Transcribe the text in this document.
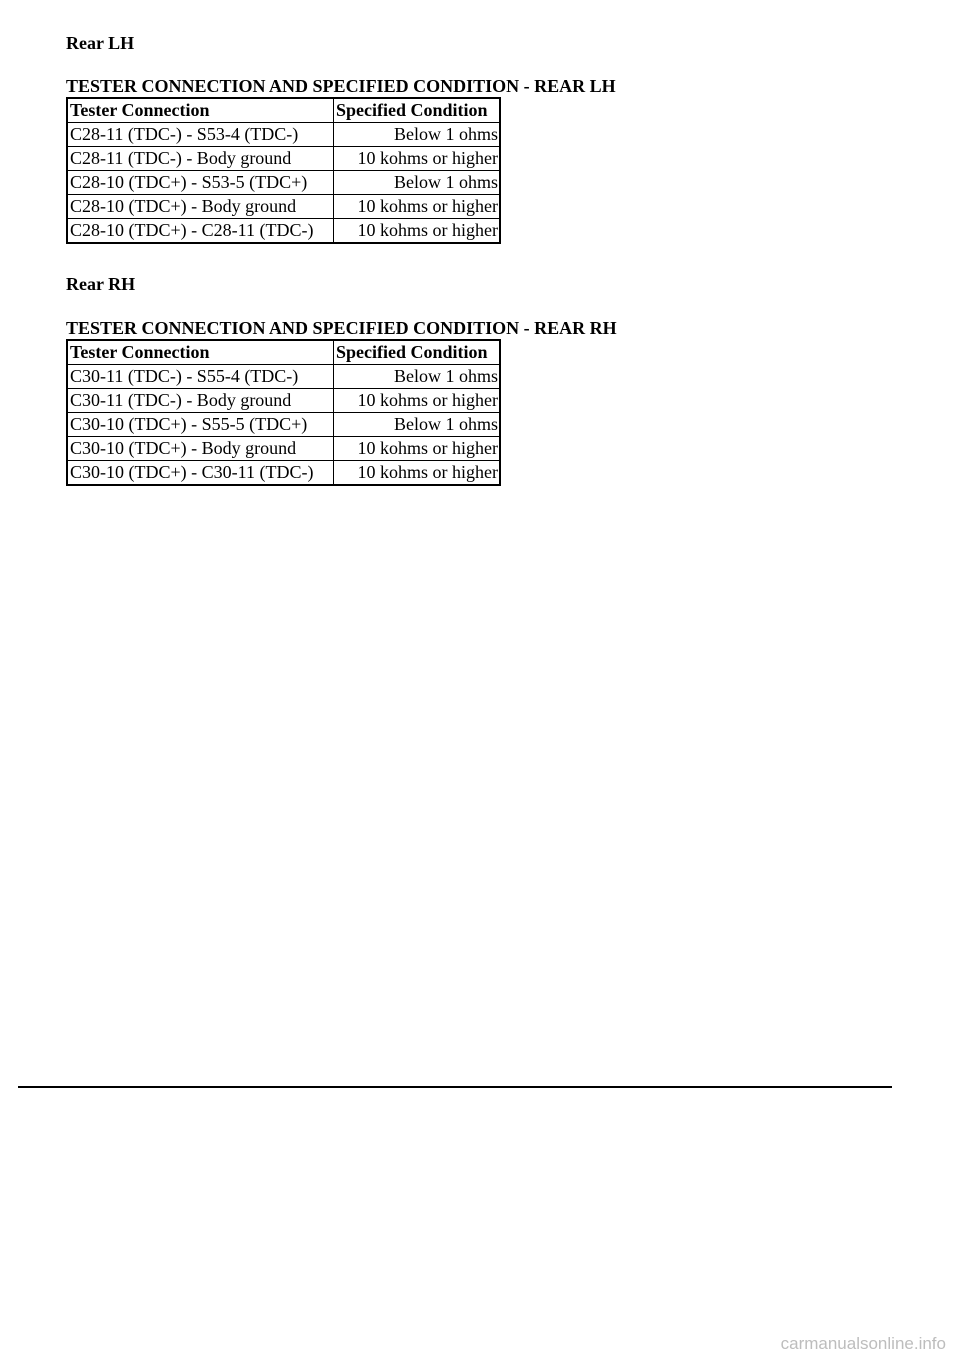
Rear LH

TESTER CONNECTION AND SPECIFIED CONDITION - REAR LH

Tester Connection	Specified Condition
C28-11 (TDC-) - S53-4 (TDC-)	Below 1 ohms
C28-11 (TDC-) - Body ground	10 kohms or higher
C28-10 (TDC+) - S53-5 (TDC+)	Below 1 ohms
C28-10 (TDC+) - Body ground	10 kohms or higher
C28-10 (TDC+) - C28-11 (TDC-)	10 kohms or higher

Rear RH

TESTER CONNECTION AND SPECIFIED CONDITION - REAR RH

Tester Connection	Specified Condition
C30-11 (TDC-) - S55-4 (TDC-)	Below 1 ohms
C30-11 (TDC-) - Body ground	10 kohms or higher
C30-10 (TDC+) - S55-5 (TDC+)	Below 1 ohms
C30-10 (TDC+) - Body ground	10 kohms or higher
C30-10 (TDC+) - C30-11 (TDC-)	10 kohms or higher
carmanualsonline.info
